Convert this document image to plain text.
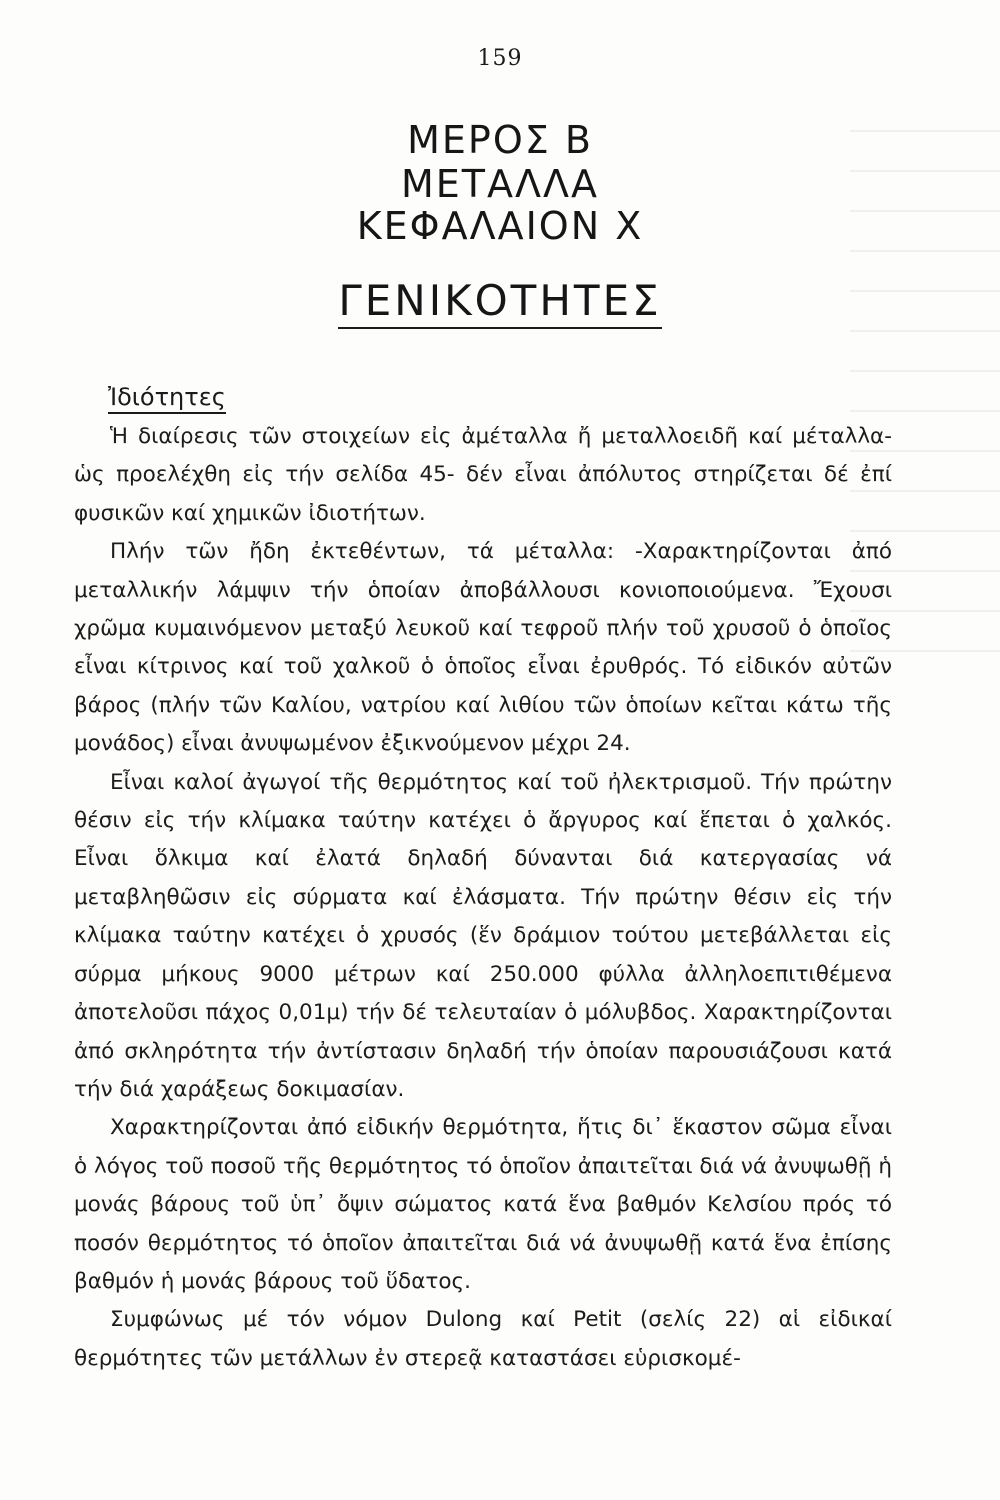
159
ΜΕΡΟΣ Β
ΜΕΤΑΛΛΑ
ΚΕΦΑΛΑΙΟΝ Χ
ΓΕΝΙΚΟΤΗΤΕΣ
Ἰδιότητες

Ἡ διαίρεσις τῶν στοιχείων εἰς ἀμέταλλα ἤ μεταλλοειδῆ καί μέταλλα-ὡς προελέχθη εἰς τήν σελίδα 45- δέν εἶναι ἀπόλυτος στηρίζεται δέ ἐπί φυσικῶν καί χημικῶν ἰδιοτήτων.

Πλήν τῶν ἤδη ἐκτεθέντων, τά μέταλλα: -Χαρακτηρίζονται ἀπό μεταλλικήν λάμψιν τήν ὁποίαν ἀποβάλλουσι κονιοποιούμενα. Ἔχουσι χρῶμα κυμαινόμενον μεταξύ λευκοῦ καί τεφροῦ πλήν τοῦ χρυσοῦ ὁ ὁποῖος εἶναι κίτρινος καί τοῦ χαλκοῦ ὁ ὁποῖος εἶναι ἐρυθρός. Τό εἰδικόν αὐτῶν βάρος (πλήν τῶν Καλίου, νατρίου καί λιθίου τῶν ὁποίων κεῖται κάτω τῆς μονάδος) εἶναι ἀνυψωμένον ἐξικνούμενον μέχρι 24.

Εἶναι καλοί ἀγωγοί τῆς θερμότητος καί τοῦ ἠλεκτρισμοῦ. Τήν πρώτην θέσιν εἰς τήν κλίμακα ταύτην κατέχει ὁ ἄργυρος καί ἕπεται ὁ χαλκός. Εἶναι ὅλκιμα καί ἐλατά δηλαδή δύνανται διά κατεργασίας νά μεταβληθῶσιν εἰς σύρματα καί ἐλάσματα. Τήν πρώτην θέσιν εἰς τήν κλίμακα ταύτην κατέχει ὁ χρυσός (ἕν δράμιον τούτου μετεβάλλεται εἰς σύρμα μήκους 9000 μέτρων καί 250.000 φύλλα ἀλληλοεπιτιθέμενα ἀποτελοῦσι πάχος 0,01μ) τήν δέ τελευταίαν ὁ μόλυβδος. Χαρακτηρίζονται ἀπό σκληρότητα τήν ἀντίστασιν δηλαδή τήν ὁποίαν παρουσιάζουσι κατά τήν διά χαράξεως δοκιμασίαν.

Χαρακτηρίζονται ἀπό εἰδικήν θερμότητα, ἥτις δι᾽ ἕκαστον σῶμα εἶναι ὁ λόγος τοῦ ποσοῦ τῆς θερμότητος τό ὁποῖον ἀπαιτεῖται διά νά ἀνυψωθῇ ἡ μονάς βάρους τοῦ ὑπ᾽ ὄψιν σώματος κατά ἕνα βαθμόν Κελσίου πρός τό ποσόν θερμότητος τό ὁποῖον ἀπαιτεῖται διά νά ἀνυψωθῇ κατά ἕνα ἐπίσης βαθμόν ἡ μονάς βάρους τοῦ ὕδατος.

Συμφώνως μέ τόν νόμον Dulong καί Petit (σελίς 22) αἱ εἰδικαί θερμότητες τῶν μετάλλων ἐν στερεᾷ καταστάσει εὑρισκομέ-
